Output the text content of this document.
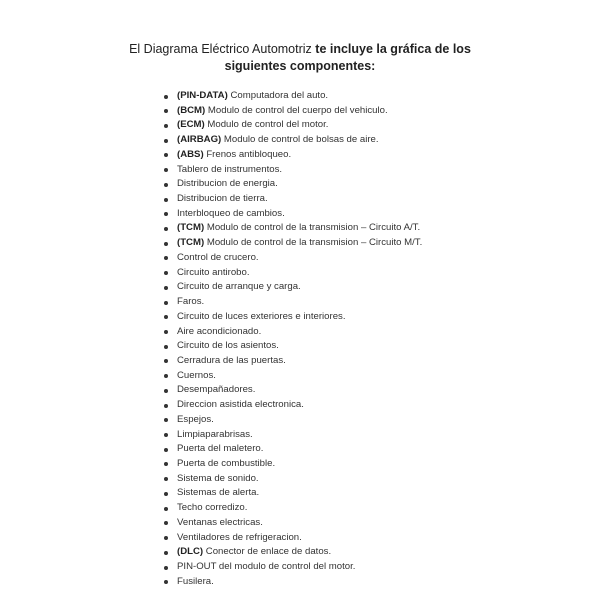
El Diagrama Eléctrico Automotriz te incluye la gráfica de los siguientes componentes:
(PIN-DATA) Computadora del auto.
(BCM) Modulo de control del cuerpo del vehiculo.
(ECM) Modulo de control del motor.
(AIRBAG) Modulo de control de bolsas de aire.
(ABS) Frenos antibloqueo.
Tablero de instrumentos.
Distribucion de energia.
Distribucion de tierra.
Interbloqueo de cambios.
(TCM) Modulo de control de la transmision – Circuito A/T.
(TCM) Modulo de control de la transmision – Circuito M/T.
Control de crucero.
Circuito antirobo.
Circuito de arranque y carga.
Faros.
Circuito de luces exteriores e interiores.
Aire acondicionado.
Circuito de los asientos.
Cerradura de las puertas.
Cuernos.
Desempañadores.
Direccion asistida electronica.
Espejos.
Limpiaparabrisas.
Puerta del maletero.
Puerta de combustible.
Sistema de sonido.
Sistemas de alerta.
Techo corredizo.
Ventanas electricas.
Ventiladores de refrigeracion.
(DLC) Conector de enlace de datos.
PIN-OUT del modulo de control del motor.
Fusilera.
